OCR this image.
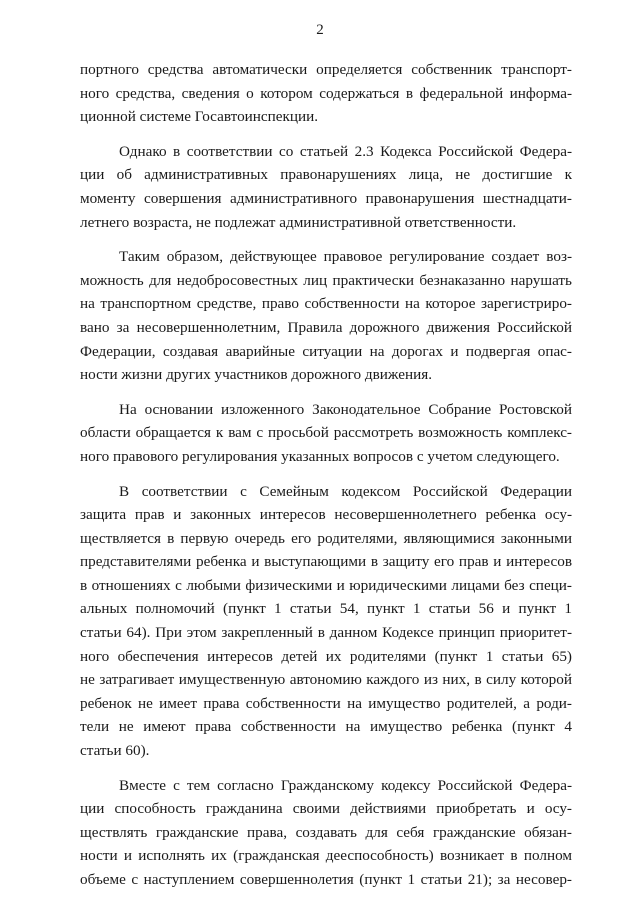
2
портного средства автоматически определяется собственник транспорт-
ного средства, сведения о котором содержаться в федеральной информа-
ционной системе Госавтоинспекции.
Однако в соответствии со статьей 2.3 Кодекса Российской Федера-
ции об административных правонарушениях лица, не достигшие к
моменту совершения административного правонарушения шестнадцати-
летнего возраста, не подлежат административной ответственности.
Таким образом, действующее правовое регулирование создает воз-
можность для недобросовестных лиц практически безнаказанно нарушать
на транспортном средстве, право собственности на которое зарегистриро-
вано за несовершеннолетним, Правила дорожного движения Российской
Федерации, создавая аварийные ситуации на дорогах и подвергая опас-
ности жизни других участников дорожного движения.
На основании изложенного Законодательное Собрание Ростовской
области обращается к вам с просьбой рассмотреть возможность комплекс-
ного правового регулирования указанных вопросов с учетом следующего.
В соответствии с Семейным кодексом Российской Федерации
защита прав и законных интересов несовершеннолетнего ребенка осу-
ществляется в первую очередь его родителями, являющимися законными
представителями ребенка и выступающими в защиту его прав и интересов
в отношениях с любыми физическими и юридическими лицами без специ-
альных полномочий (пункт 1 статьи 54, пункт 1 статьи 56 и пункт 1
статьи 64). При этом закрепленный в данном Кодексе принцип приоритет-
ного обеспечения интересов детей их родителями (пункт 1 статьи 65)
не затрагивает имущественную автономию каждого из них, в силу которой
ребенок не имеет права собственности на имущество родителей, а роди-
тели не имеют права собственности на имущество ребенка (пункт 4
статьи 60).
Вместе с тем согласно Гражданскому кодексу Российской Федера-
ции способность гражданина своими действиями приобретать и осу-
ществлять гражданские права, создавать для себя гражданские обязан-
ности и исполнять их (гражданская дееспособность) возникает в полном
объеме с наступлением совершеннолетия (пункт 1 статьи 21); за несовер-
